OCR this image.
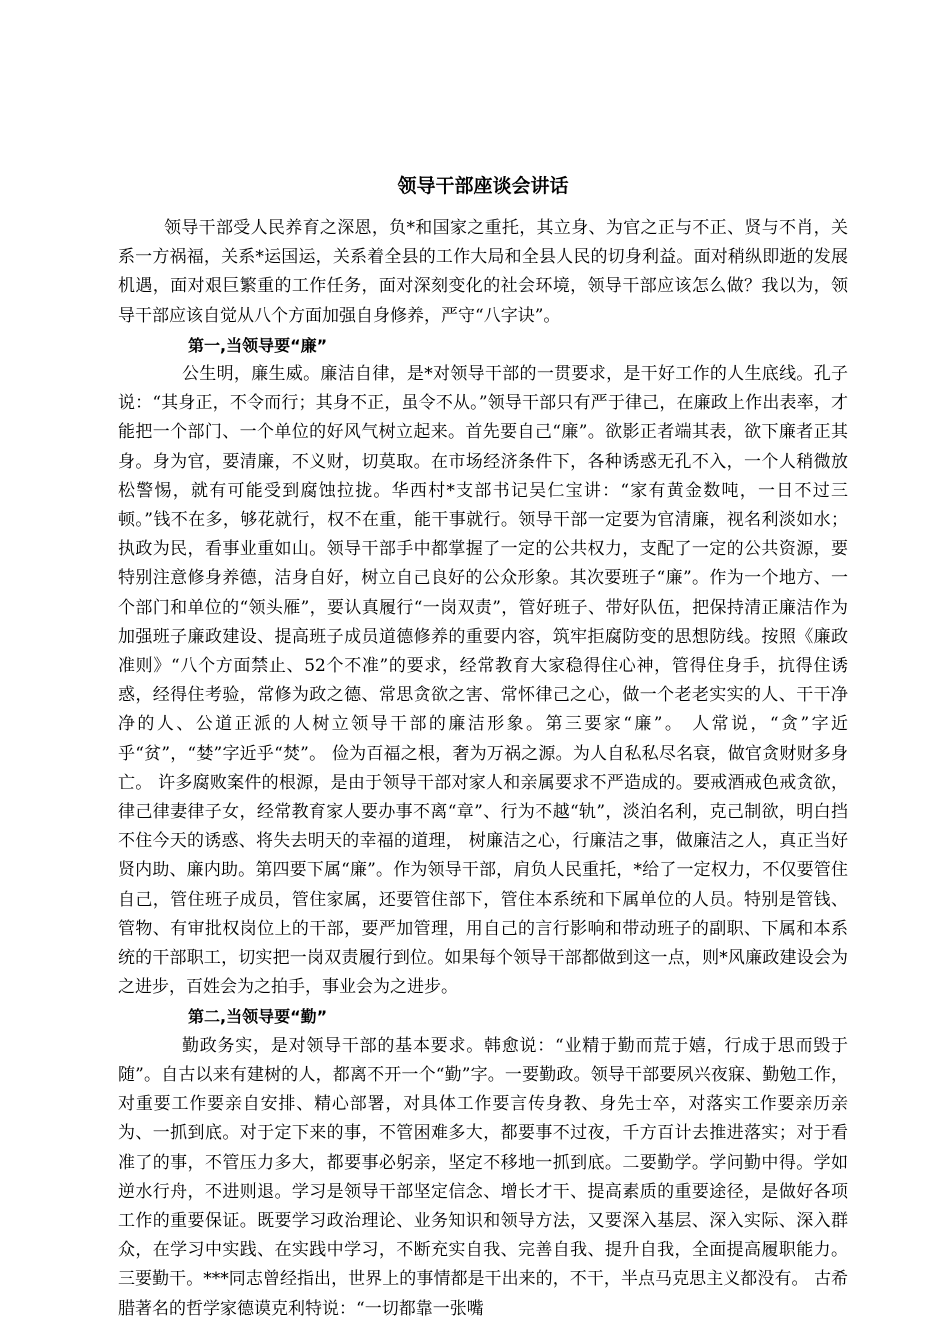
领导干部座谈会讲话

领导干部受人民养育之深恩，负*和国家之重托，其立身、为官之正与不正、贤与不肖，关系一方祸福，关系*运国运，关系着全县的工作大局和全县人民的切身利益。面对稍纵即逝的发展机遇，面对艰巨繁重的工作任务，面对深刻变化的社会环境，领导干部应该怎么做？我以为，领导干部应该自觉从八个方面加强自身修养，严守“八字诀”。

第一,当领导要“廉”

公生明，廉生威。廉洁自律，是*对领导干部的一贯要求，是干好工作的人生底线。孔子说：“其身正，不令而行；其身不正，虽令不从。”领导干部只有严于律己，在廉政上作出表率，才能把一个部门、一个单位的好风气树立起来。首先要自己“廉”。欲影正者端其表，欲下廉者正其身。身为官，要清廉，不义财，切莫取。在市场经济条件下，各种诱惑无孔不入，一个人稍微放松警惕，就有可能受到腐蚀拉拢。华西村*支部书记吴仁宝讲：“家有黄金数吨，一日不过三顿。”钱不在多，够花就行，权不在重，能干事就行。领导干部一定要为官清廉，视名利淡如水；执政为民，看事业重如山。领导干部手中都掌握了一定的公共权力，支配了一定的公共资源，要特别注意修身养德，洁身自好，树立自己良好的公众形象。其次要班子“廉”。作为一个地方、一个部门和单位的“领头雁”，要认真履行“一岗双责”，管好班子、带好队伍，把保持清正廉洁作为加强班子廉政建设、提高班子成员道德修养的重要内容，筑牢拒腐防变的思想防线。按照《廉政准则》“八个方面禁止、52个不准”的要求，经常教育大家稳得住心神，管得住身手，抗得住诱惑，经得住考验，常修为政之德、常思贪欲之害、常怀律己之心，做一个老老实实的人、干干净净的人、公道正派的人树立领导干部的廉洁形象。第三要家“廉”。 人常说，“贪”字近乎“贫”，“婪”字近乎“焚”。 俭为百福之根，奢为万祸之源。为人自私私尽名衰，做官贪财财多身亡。 许多腐败案件的根源，是由于领导干部对家人和亲属要求不严造成的。要戒酒戒色戒贪欲，律己律妻律子女，经常教育家人要办事不离“章”、行为不越“轨”，淡泊名利，克己制欲，明白挡不住今天的诱惑、将失去明天的幸福的道理， 树廉洁之心，行廉洁之事，做廉洁之人，真正当好贤内助、廉内助。第四要下属“廉”。作为领导干部，肩负人民重托，*给了一定权力，不仅要管住自己，管住班子成员，管住家属，还要管住部下，管住本系统和下属单位的人员。特别是管钱、管物、有审批权岗位上的干部，要严加管理，用自己的言行影响和带动班子的副职、下属和本系统的干部职工，切实把一岗双责履行到位。如果每个领导干部都做到这一点，则*风廉政建设会为之进步，百姓会为之拍手，事业会为之进步。

第二,当领导要“勤”

勤政务实，是对领导干部的基本要求。韩愈说：“业精于勤而荒于嬉，行成于思而毁于随”。自古以来有建树的人，都离不开一个“勤”字。一要勤政。领导干部要夙兴夜寐、勤勉工作，对重要工作要亲自安排、精心部署，对具体工作要言传身教、身先士卒，对落实工作要亲历亲为、一抓到底。对于定下来的事，不管困难多大，都要事不过夜，千方百计去推进落实；对于看准了的事，不管压力多大，都要事必躬亲，坚定不移地一抓到底。二要勤学。学问勤中得。学如逆水行舟，不进则退。学习是领导干部坚定信念、增长才干、提高素质的重要途径，是做好各项工作的重要保证。既要学习政治理论、业务知识和领导方法，又要深入基层、深入实际、深入群众，在学习中实践、在实践中学习，不断充实自我、完善自我、提升自我，全面提高履职能力。三要勤干。***同志曾经指出，世界上的事情都是干出来的，不干，半点马克思主义都没有。 古希腊著名的哲学家德谟克利特说：“一切都靠一张嘴
